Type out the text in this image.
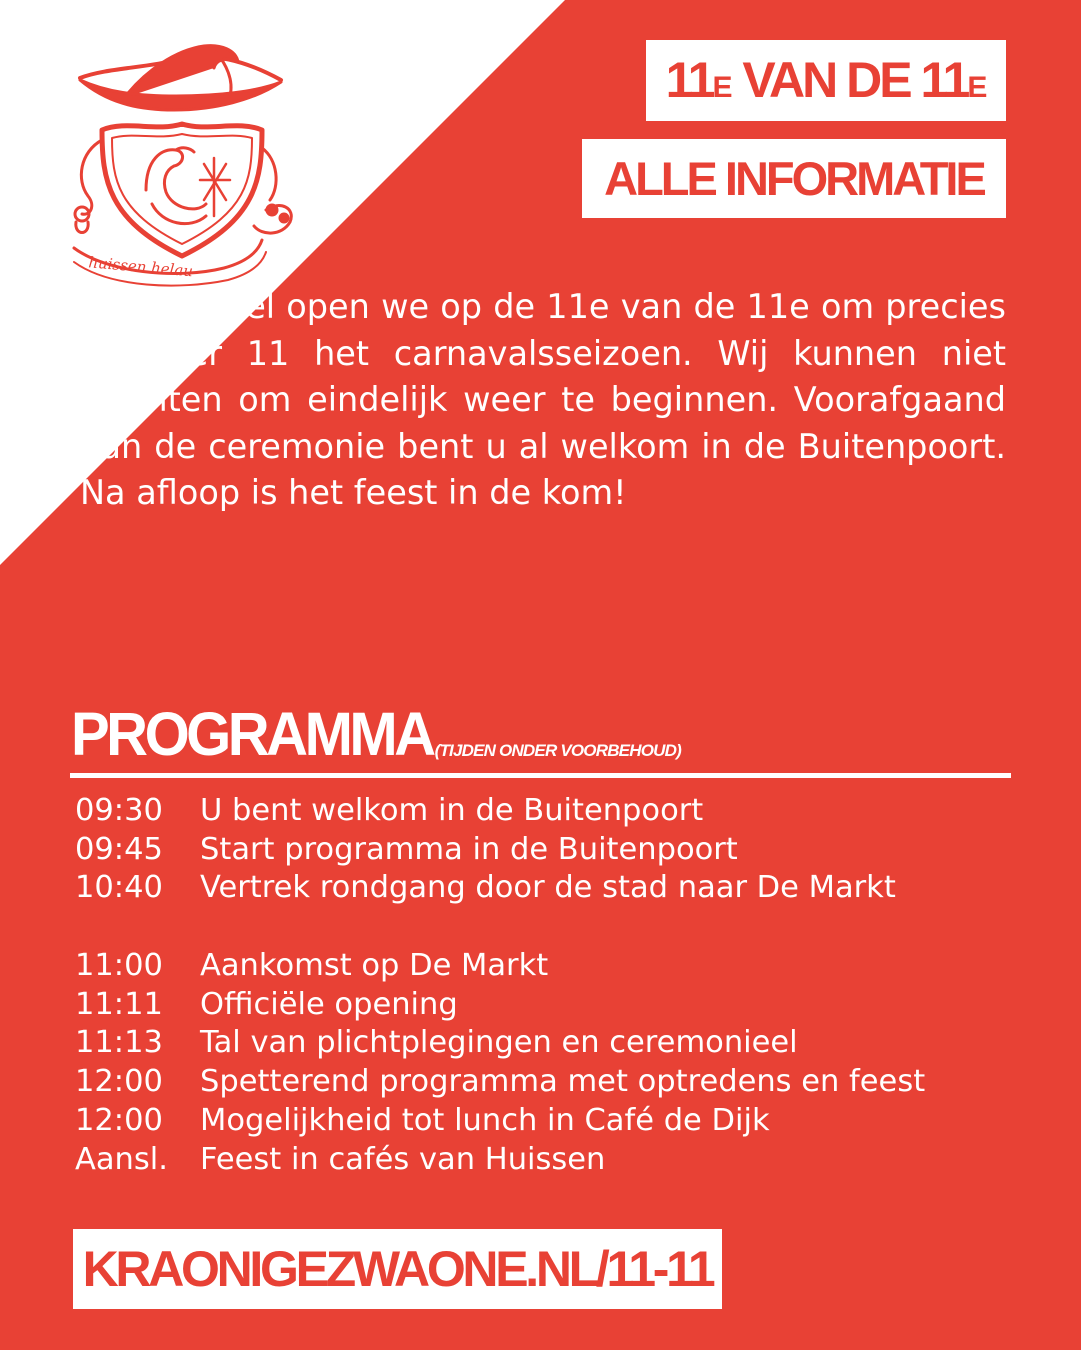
huissen helau
11E VAN DE 11E
ALLE INFORMATIE

Traditioneel open we op de 11e van de 11e om precies 11 over 11 het carnavalsseizoen. Wij kunnen niet wachten om eindelijk weer te beginnen. Voorafgaand aan de ceremonie bent u al welkom in de Buitenpoort. Na afloop is het feest in de kom!

PROGRAMMA (TIJDEN ONDER VOORBEHOUD)
09:30	U bent welkom in de Buitenpoort
09:45	Start programma in de Buitenpoort
10:40	Vertrek rondgang door de stad naar De Markt
11:00	Aankomst op De Markt
11:11	Officiële opening
11:13	Tal van plichtplegingen en ceremonieel
12:00	Spetterend programma met optredens en feest
12:00	Mogelijkheid tot lunch in Café de Dijk
Aansl.	Feest in cafés van Huissen
KRAONIGEZWAONE.NL/11-11
